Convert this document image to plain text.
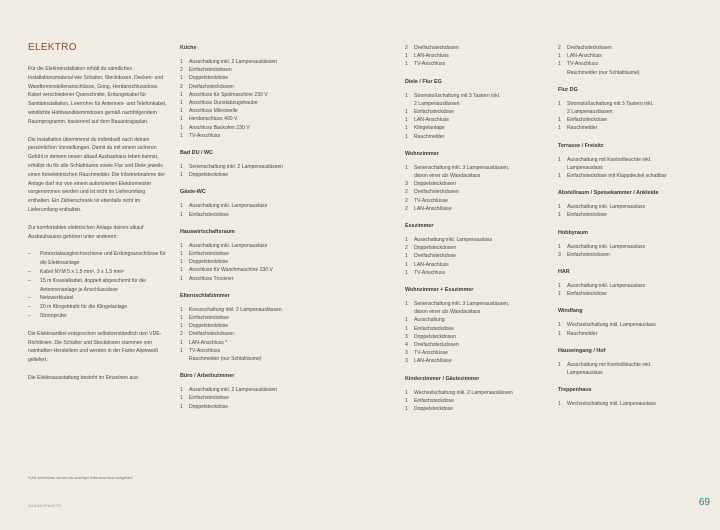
ELEKTRO

Für die Elektroinstallation erhält du sämtliches Installationsmaterial wie Schalter, Steckdosen, Decken- und Wandbrennstellenanschlüsse, Gong, Herdanschlussdose, Kabel verschiedener Querschnitte, Erdungskabel für Sanitärinstallation, Leerrohre für Antennen- und Telefonkabel, windlichte Hohlwandklemmdosen gemäß nachfolgendem Raumprogramm, basierend auf dem Bauantragsplan.

Die Installation übernimmst du individuell nach deinen persönlichen Vorstellungen. Damit du mit einem sicheren Gefühl in deinem neuen alkauf Ausbauhaus leben kannst, erhältst du für alle Schlafräume sowie Flur und Diele jeweils einen fotoelektrischen Rauchmelder. Die Inbetriebnahme der Anlage darf nur von einem autorisierten Elektromeister vorgenommen werden und ist nicht im Lieferumfang enthalten. Ein Zählerschrank ist ebenfalls nicht im Lieferumfang enthalten.

Zur komfortablen elektrischen Anlage deines alkauf Ausbauhauses gehören unter anderem:

– Potenzialausgleichsschiene und Erdungsanschlüsse für die Elektroanlage
– Kabel NYM 5 x 1,5 mm², 3 x 1,5 mm²
– 15 m Koaxialkabel, doppelt abgeschirmt für die Antennenanlage je Anschlussdose
– Netzwerkkabel
– 20 m Klingeldraht für die Klingelanlage
– Stromprüfer

Die Elektroartikel entsprechen selbstverständlich den VDE-Richtlinien. Die Schalter und Steckdosen stammen von namhaften Herstellern und werden in der Farbe Alpinweiß geliefert.

Die Elektroausstattung besteht im Einzelnen aus:

*LAN-Anschlüsse werden als einzeliger Datenanschluss ausgeführt
AUSBAUPAKETE	69
Küche
1	Ausschaltung inkl. 2 Lampenauslässen
2	Einfachsteckdosen
1	Doppelsteckdose
2	Dreifachsteckdosen
1	Anschluss für Spülmaschine 230 V
1	Anschluss Dunstabzugshaube
1	Anschluss Mikrowelle
1	Herdanschluss 400 V
1	Anschluss Backofen 230 V
1	TV-Anschluss
Bad DU / WC
1	Serienschaltung inkl. 2 Lampenauslässen
1	Doppelsteckdose
Gäste-WC
1	Ausschaltung inkl. Lampenauslass
1	Einfachsteckdose
Hauswirtschaftsraum
1	Ausschaltung inkl. Lampenauslass
1	Einfachsteckdose
1	Doppelsteckdose
1	Anschluss für Waschmaschine 230 V
1	Anschluss Trockner
Elternschlafzimmer
1	Kreuzschaltung inkl. 2 Lampenauslässen
1	Einfachsteckdose
1	Doppelsteckdose
2	Dreifachsteckdosen
1	LAN-Anschluss *
1	TV-Anschluss
Rauchmelder (nur Schlafräume)
Büro / Arbeitszimmer
1	Ausschaltung inkl. 2 Lampenauslässen
1	Einfachsteckdose
1	Doppelsteckdose
2	Dreifachsteckdosen
1	LAN-Anschluss
1	TV-Anschluss
Diele / Flur EG
1	Stromstoßschaltung mit 3 Tastern inkl.
2 Lampenauslässen
1	Einfachsteckdose
1	LAN-Anschluss
1	Klingelanlage
1	Rauchmelder
Wohnzimmer
1	Serienschaltung inkl. 3 Lampenauslässen,
davon einer als Wandauslass
3	Doppelsteckdosen
2	Dreifachsteckdosen
2	TV-Anschlüsse
2	LAN-Anschlüsse
Esszimmer
1	Ausschaltung inkl. Lampenauslass
2	Doppelsteckdosen
1	Dreifachsteckdose
1	LAN-Anschluss
1	TV-Anschluss
Wohnzimmer + Esszimmer
1	Serienschaltung inkl. 3 Lampenauslässen,
davon einer als Wandauslass
1	Ausschaltung
1	Einfachsteckdose
3	Doppelsteckdosen
4	Dreifachsteckdosen
3	TV-Anschlüsse
3	LAN-Anschlüsse
Kinderzimmer / Gästezimmer
1	Wechselschaltung inkl. 2 Lampenauslässen
1	Einfachsteckdose
1	Doppelsteckdose
2	Dreifachsteckdosen
1	LAN-Anschluss
1	TV-Anschluss
Rauchmelder (nur Schlafräume)
Flur DG
1	Stromstoßschaltung mit 3 Tastern inkl.
2 Lampenauslässen
1	Einfachsteckdose
1	Rauchmelder
Terrasse / Freisitz
1	Ausschaltung mit Kontrollleuchte inkl.
Lampenauslass
1	Einfachsteckdose mit Klappdeckel schaltbar
Abstellraum / Speisekammer / Ankleide
1	Ausschaltung inkl. Lampenauslass
1	Einfachsteckdose
Hobbyraum
1	Ausschaltung inkl. Lampenauslass
3	Einfachsteckdosen
HAR
1	Ausschaltung inkl. Lampenauslass
1	Einfachsteckdose
Windfang
1	Wechselschaltung inkl. Lampenauslass
1	Rauchmelder
Hauseingang / Hof
1	Ausschaltung mit Kontrollleuchte inkl.
Lampenauslass
Treppenhaus
1	Wechselschaltung inkl. Lampenauslass
